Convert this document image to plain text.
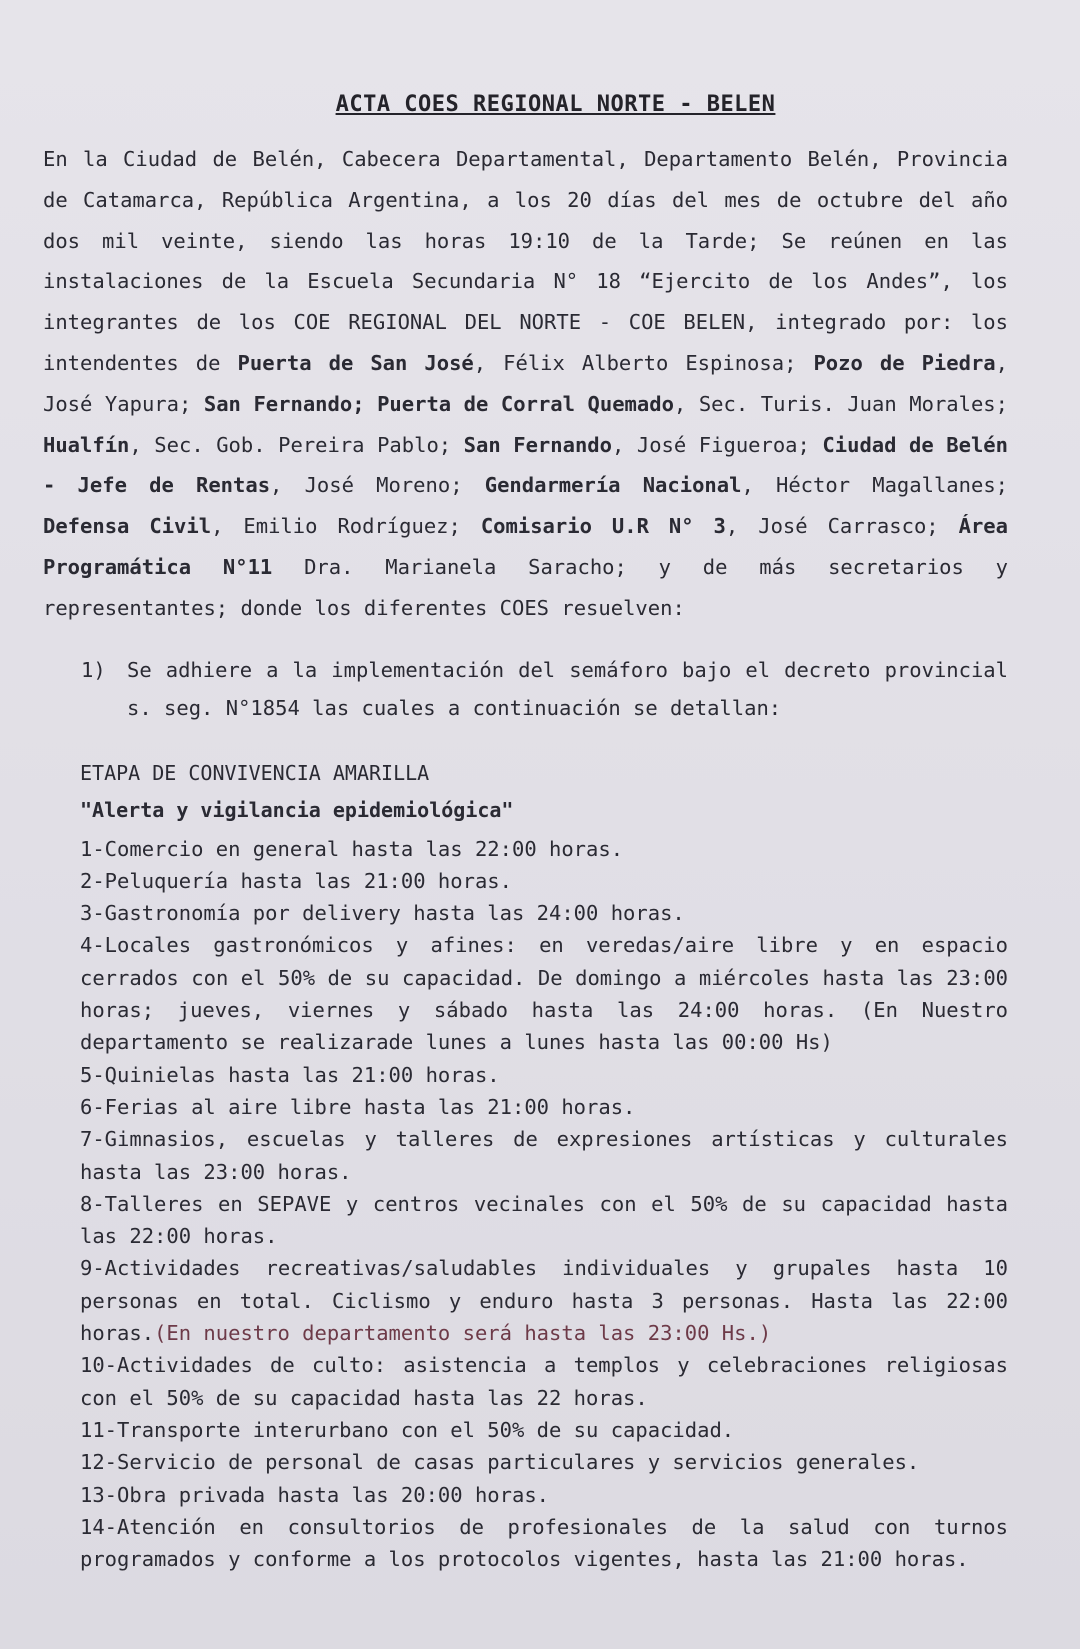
ACTA COES REGIONAL NORTE - BELEN

En la Ciudad de Belén, Cabecera Departamental, Departamento Belén, Provincia de Catamarca, República Argentina, a los 20 días del mes de octubre del año dos mil veinte, siendo las horas 19:10 de la Tarde; Se reúnen en las instalaciones de la Escuela Secundaria N° 18 “Ejercito de los Andes”, los integrantes de los COE REGIONAL DEL NORTE - COE BELEN, integrado por: los intendentes de Puerta de San José, Félix Alberto Espinosa; Pozo de Piedra, José Yapura; San Fernando; Puerta de Corral Quemado, Sec. Turis. Juan Morales; Hualfín, Sec. Gob. Pereira Pablo; San Fernando, José Figueroa; Ciudad de Belén - Jefe de Rentas, José Moreno; Gendarmería Nacional, Héctor Magallanes; Defensa Civil, Emilio Rodríguez; Comisario U.R N° 3, José Carrasco; Área Programática N°11 Dra. Marianela Saracho; y de más secretarios y representantes; donde los diferentes COES resuelven:

1)	Se adhiere a la implementación del semáforo bajo el decreto provincial s. seg. N°1854 las cuales a continuación se detallan:
ETAPA DE CONVIVENCIA AMARILLA
"Alerta y vigilancia epidemiológica"
1-Comercio en general hasta las 22:00 horas.
2-Peluquería hasta las 21:00 horas.
3-Gastronomía por delivery hasta las 24:00 horas.
4-Locales gastronómicos y afines: en veredas/aire libre y en espacio cerrados con el 50% de su capacidad. De domingo a miércoles hasta las 23:00 horas; jueves, viernes y sábado hasta las 24:00 horas. (En Nuestro departamento se realizarade lunes a lunes hasta las 00:00 Hs)
5-Quinielas hasta las 21:00 horas.
6-Ferias al aire libre hasta las 21:00 horas.
7-Gimnasios, escuelas y talleres de expresiones artísticas y culturales hasta las 23:00 horas.
8-Talleres en SEPAVE y centros vecinales con el 50% de su capacidad hasta las 22:00 horas.
9-Actividades recreativas/saludables individuales y grupales hasta 10 personas en total. Ciclismo y enduro hasta 3 personas. Hasta las 22:00 horas.(En nuestro departamento será hasta las 23:00 Hs.)
10-Actividades de culto: asistencia a templos y celebraciones religiosas con el 50% de su capacidad hasta las 22 horas.
11-Transporte interurbano con el 50% de su capacidad.
12-Servicio de personal de casas particulares y servicios generales.
13-Obra privada hasta las 20:00 horas.
14-Atención en consultorios de profesionales de la salud con turnos programados y conforme a los protocolos vigentes, hasta las 21:00 horas.
